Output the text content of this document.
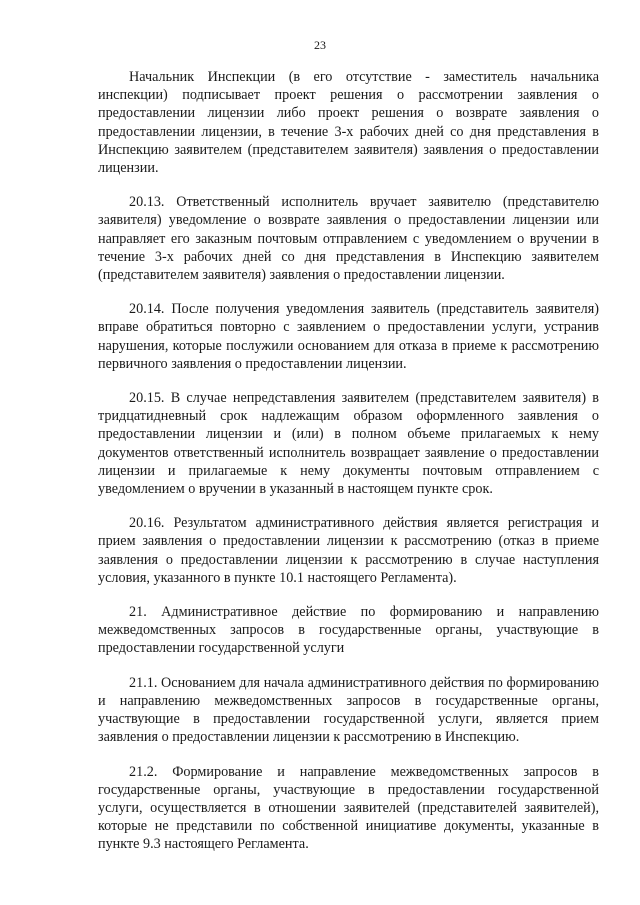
23

Начальник Инспекции (в его отсутствие - заместитель начальника инспекции) подписывает проект решения о рассмотрении заявления о предоставлении лицензии либо проект решения о возврате заявления о предоставлении лицензии, в течение 3-х рабочих дней со дня представления в Инспекцию заявителем (представителем заявителя) заявления о предоставлении лицензии.

20.13. Ответственный исполнитель вручает заявителю (представителю заявителя) уведомление о возврате заявления о предоставлении лицензии или направляет его заказным почтовым отправлением с уведомлением о вручении в течение 3-х рабочих дней со дня представления в Инспекцию заявителем (представителем заявителя) заявления о предоставлении лицензии.

20.14. После получения уведомления заявитель (представитель заявителя) вправе обратиться повторно с заявлением о предоставлении услуги, устранив нарушения, которые послужили основанием для отказа в приеме к рассмотрению первичного заявления о предоставлении лицензии.

20.15. В случае непредставления заявителем (представителем заявителя) в тридцатидневный срок надлежащим образом оформленного заявления о предоставлении лицензии и (или) в полном объеме прилагаемых к нему документов ответственный исполнитель возвращает заявление о предоставлении лицензии и прилагаемые к нему документы почтовым отправлением с уведомлением о вручении в указанный в настоящем пункте срок.

20.16. Результатом административного действия является регистрация и прием заявления о предоставлении лицензии к рассмотрению (отказ в приеме заявления о предоставлении лицензии к рассмотрению в случае наступления условия, указанного в пункте 10.1 настоящего Регламента).

21. Административное действие по формированию и направлению межведомственных запросов в государственные органы, участвующие в предоставлении государственной услуги

21.1. Основанием для начала административного действия по формированию и направлению межведомственных запросов в государственные органы, участвующие в предоставлении государственной услуги, является прием заявления о предоставлении лицензии к рассмотрению в Инспекцию.

21.2. Формирование и направление межведомственных запросов в государственные органы, участвующие в предоставлении государственной услуги, осуществляется в отношении заявителей (представителей заявителей), которые не представили по собственной инициативе документы, указанные в пункте 9.3 настоящего Регламента.
